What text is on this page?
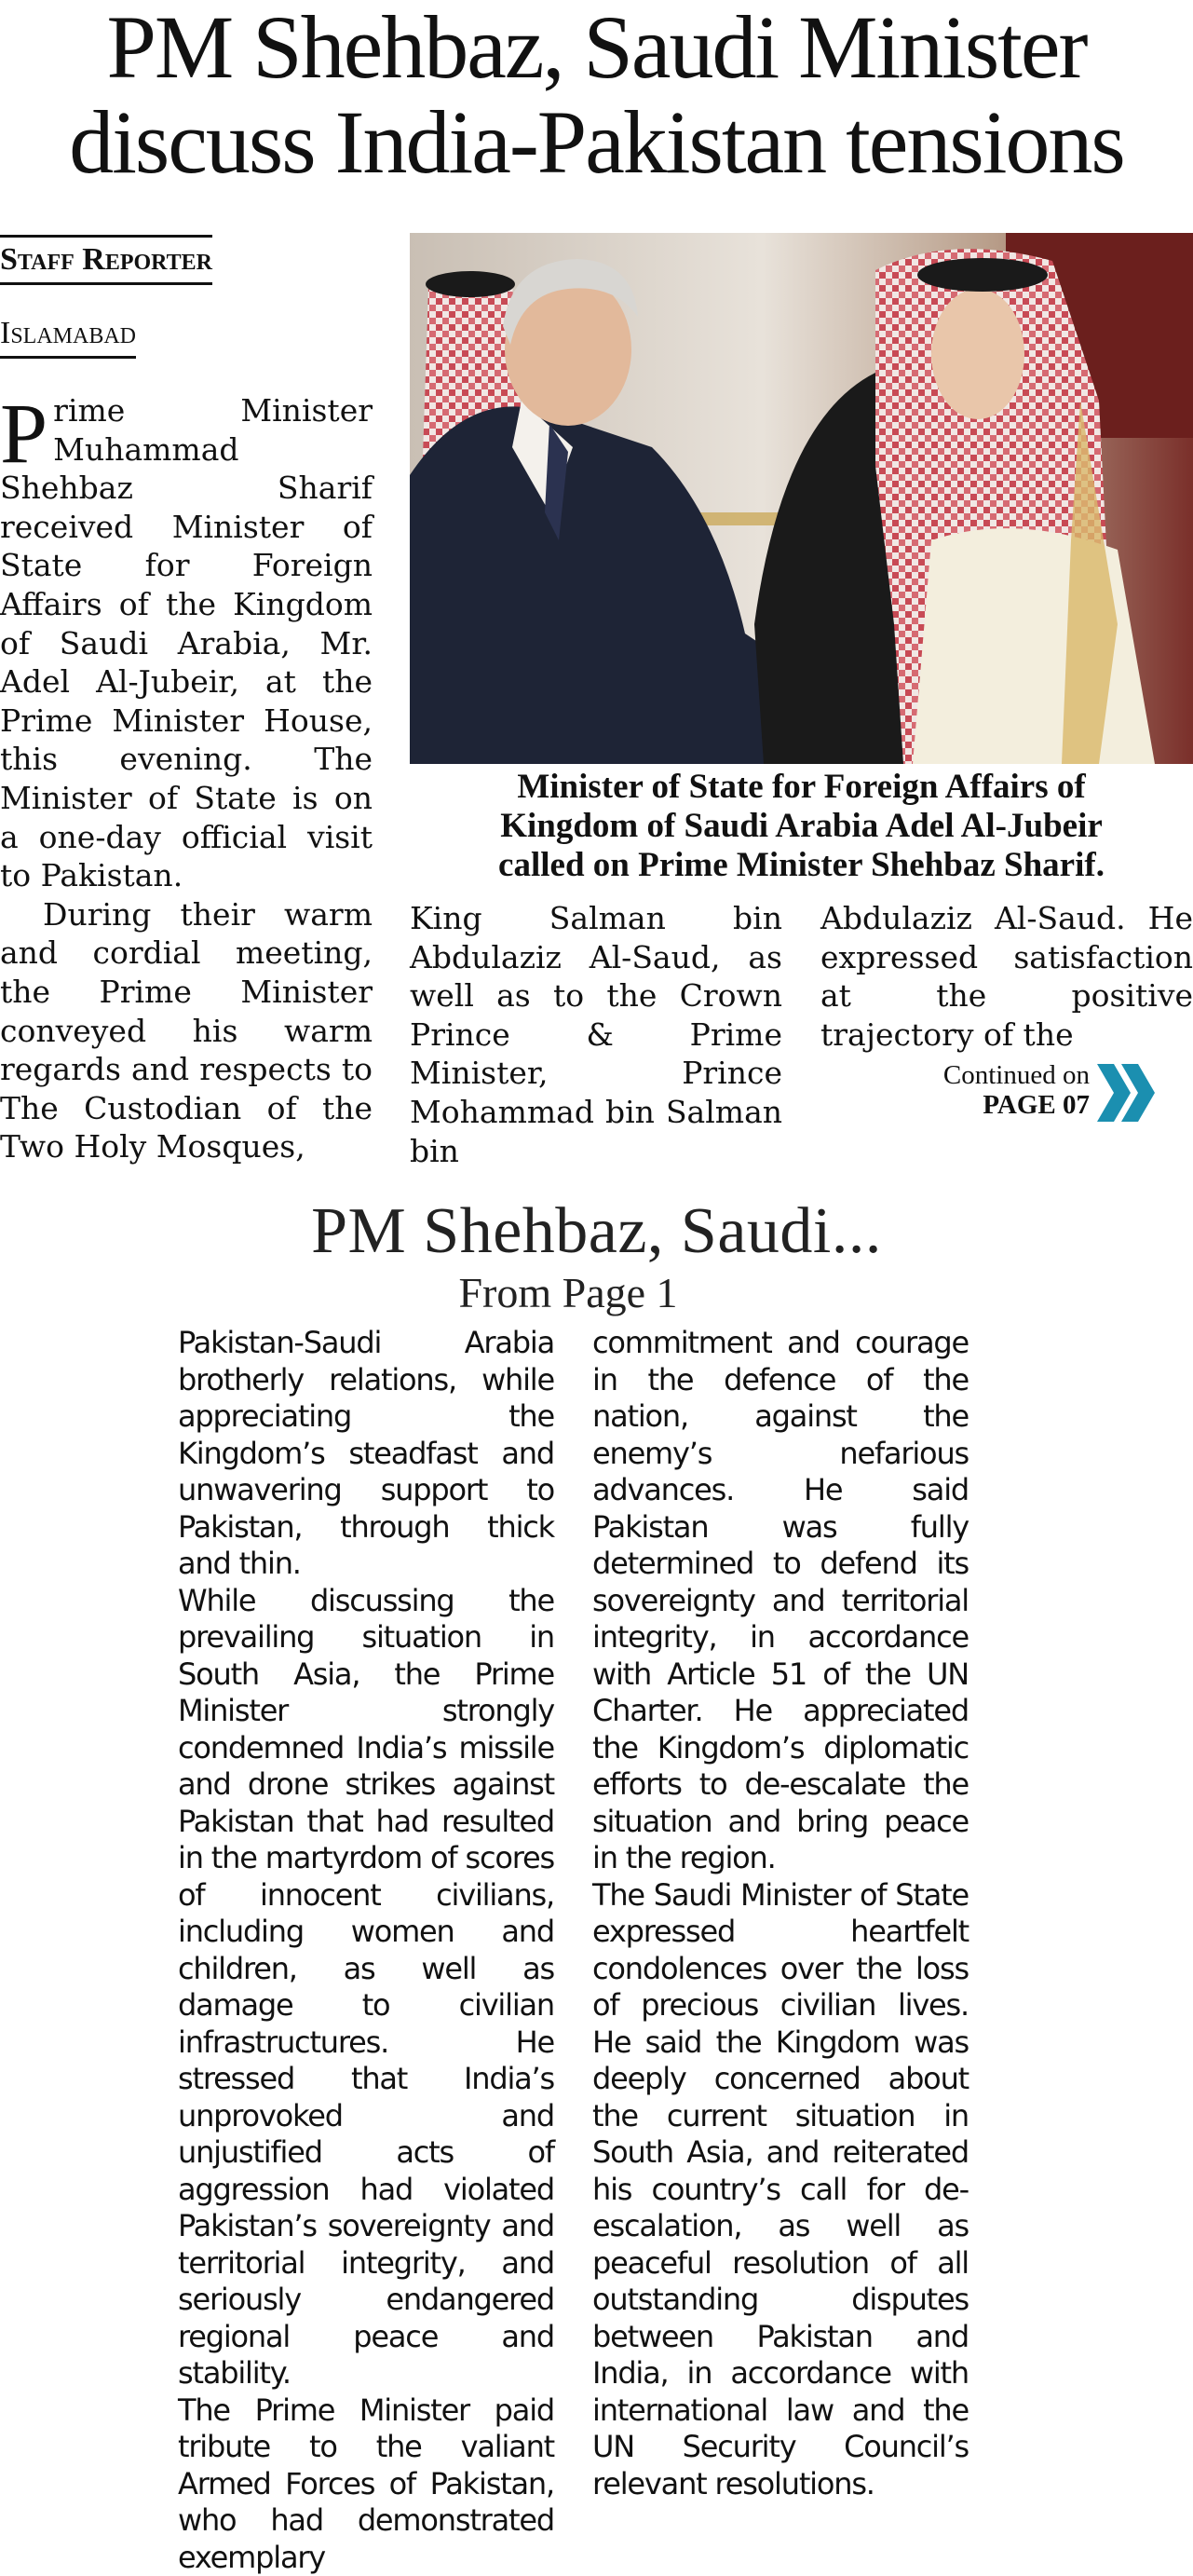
PM Shehbaz, Saudi Minister
discuss India-Pakistan tensions
Staff Reporter
Islamabad

Prime Minister Muhammad Shehbaz Sharif received Minister of State for Foreign Affairs of the Kingdom of Saudi Arabia, Mr. Adel Al-Jubeir, at the Prime Minister House, this evening. The Minister of State is on a one-day official visit to Pakistan.

During their warm and cordial meeting, the Prime Minister conveyed his warm regards and respects to The Custodian of the Two Holy Mosques,

Minister of State for Foreign Affairs of
Kingdom of Saudi Arabia Adel Al-Jubeir
called on Prime Minister Shehbaz Sharif.
King Salman bin Abdulaziz Al-Saud, as well as to the Crown Prince & Prime Minister, Prince Mohammad bin Salman bin
Abdulaziz Al-Saud. He expressed satisfaction at the positive trajectory of the
Continued on
PAGE 07
PM Shehbaz, Saudi...
From Page 1

Pakistan-Saudi Arabia brotherly relations, while appreciating the Kingdom’s steadfast and unwavering support to Pakistan, through thick and thin.

While discussing the prevailing situation in South Asia, the Prime Minister strongly condemned India’s missile and drone strikes against Pakistan that had resulted in the martyrdom of scores of innocent civilians, including women and children, as well as damage to civilian infrastructures. He stressed that India’s unprovoked and unjustified acts of aggression had violated Pakistan’s sovereignty and territorial integrity, and seriously endangered regional peace and stability.

The Prime Minister paid tribute to the valiant Armed Forces of Pakistan, who had demonstrated exemplary

commitment and courage in the defence of the nation, against the enemy’s nefarious advances. He said Pakistan was fully determined to defend its sovereignty and territorial integrity, in accordance with Article 51 of the UN Charter. He appreciated the Kingdom’s diplomatic efforts to de-escalate the situation and bring peace in the region.

The Saudi Minister of State expressed heartfelt condolences over the loss of precious civilian lives. He said the Kingdom was deeply concerned about the current situation in South Asia, and reiterated his country’s call for de-escalation, as well as peaceful resolution of all outstanding disputes between Pakistan and India, in accordance with international law and the UN Security Council’s relevant resolutions.
